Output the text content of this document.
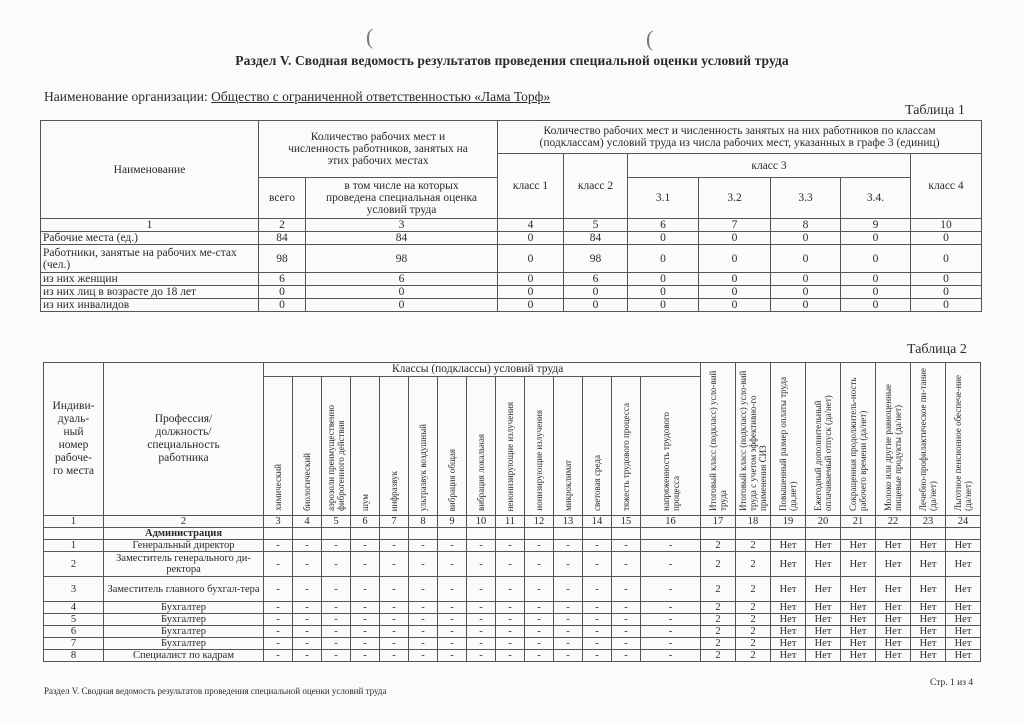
(	(
Раздел V. Сводная ведомость результатов проведения специальной оценки условий труда
Наименование организации: Общество с ограниченной ответственностью «Лама Торф»
Таблица 1
Наименование	Количество рабочих мест и численность работников, занятых на этих рабочих местах		Количество рабочих мест и численность занятых на них работников по классам (подклассам) условий труда из числа рабочих мест, указанных в графе 3 (единиц)						
			класс 1	класс 2	класс 3				класс 4
	всего	в том числе на которых проведена специальная оценка условий труда			3.1	3.2	3.3	3.4.	
1	2	3	4	5	6	7	8	9	10
Рабочие места (ед.)	84	84	0	84	0	0	0	0	0
Работники, занятые на рабочих ме-стах (чел.)	98	98	0	98	0	0	0	0	0
из них женщин	6	6	0	6	0	0	0	0	0
из них лиц в возрасте до 18 лет	0	0	0	0	0	0	0	0	0
из них инвалидов	0	0	0	0	0	0	0	0	0
Таблица 2
Индиви-дуаль-ный номер рабоче-го места	Профессия/ должность/ специальность работника	Классы (подклассы) условий труда														Итоговый класс (подкласс) усло-вий труда	Итоговый класс (подкласс) усло-вий труда с учетом эффективно-го применения СИЗ	Повышенный размер оплаты труда (да,нет)	Ежегодный дополнительный оплачиваемый отпуск (да/нет)	Сокращенная продолжитель-ность рабочего времени (да/нет)	Молоко или другие равноценные пищевые продукты (да/нет)	Лечебно-профилактическое пи-тание (да/нет)	Льготное пенсионное обеспече-ние (да/нет)

		химический	биологический	аэрозоли преимущественно фиброгенного действия	шум	инфразвук	ультразвук воздушный	вибрация общая	вибрация локальная	неионизирующие излучения	ионизирующие излучения	микроклимат	световая среда	тяжесть трудового процесса	напряженность трудового процесса								

1	2	3	4	5	6	7	8	9	10	11	12	13	14	15	16	17	18	19	20	21	22	23	24
	Администрация																						
1	Генеральный директор	-	-	-	-	-	-	-	-	-	-	-	-	-	-	2	2	Нет	Нет	Нет	Нет	Нет	Нет
2	Заместитель генерального ди-ректора	-	-	-	-	-	-	-	-	-	-	-	-	-	-	2	2	Нет	Нет	Нет	Нет	Нет	Нет
3	Заместитель главного бухгал-тера	-	-	-	-	-	-	-	-	-	-	-	-	-	-	2	2	Нет	Нет	Нет	Нет	Нет	Нет
4	Бухгалтер	-	-	-	-	-	-	-	-	-	-	-	-	-	-	2	2	Нет	Нет	Нет	Нет	Нет	Нет
5	Бухгалтер	-	-	-	-	-	-	-	-	-	-	-	-	-	-	2	2	Нет	Нет	Нет	Нет	Нет	Нет
6	Бухгалтер	-	-	-	-	-	-	-	-	-	-	-	-	-	-	2	2	Нет	Нет	Нет	Нет	Нет	Нет
7	Бухгалтер	-	-	-	-	-	-	-	-	-	-	-	-	-	-	2	2	Нет	Нет	Нет	Нет	Нет	Нет
8	Специалист по кадрам	-	-	-	-	-	-	-	-	-	-	-	-	-	-	2	2	Нет	Нет	Нет	Нет	Нет	Нет
Раздел V. Сводная ведомость результатов проведения специальной оценки условий труда
Стр. 1 из 4
